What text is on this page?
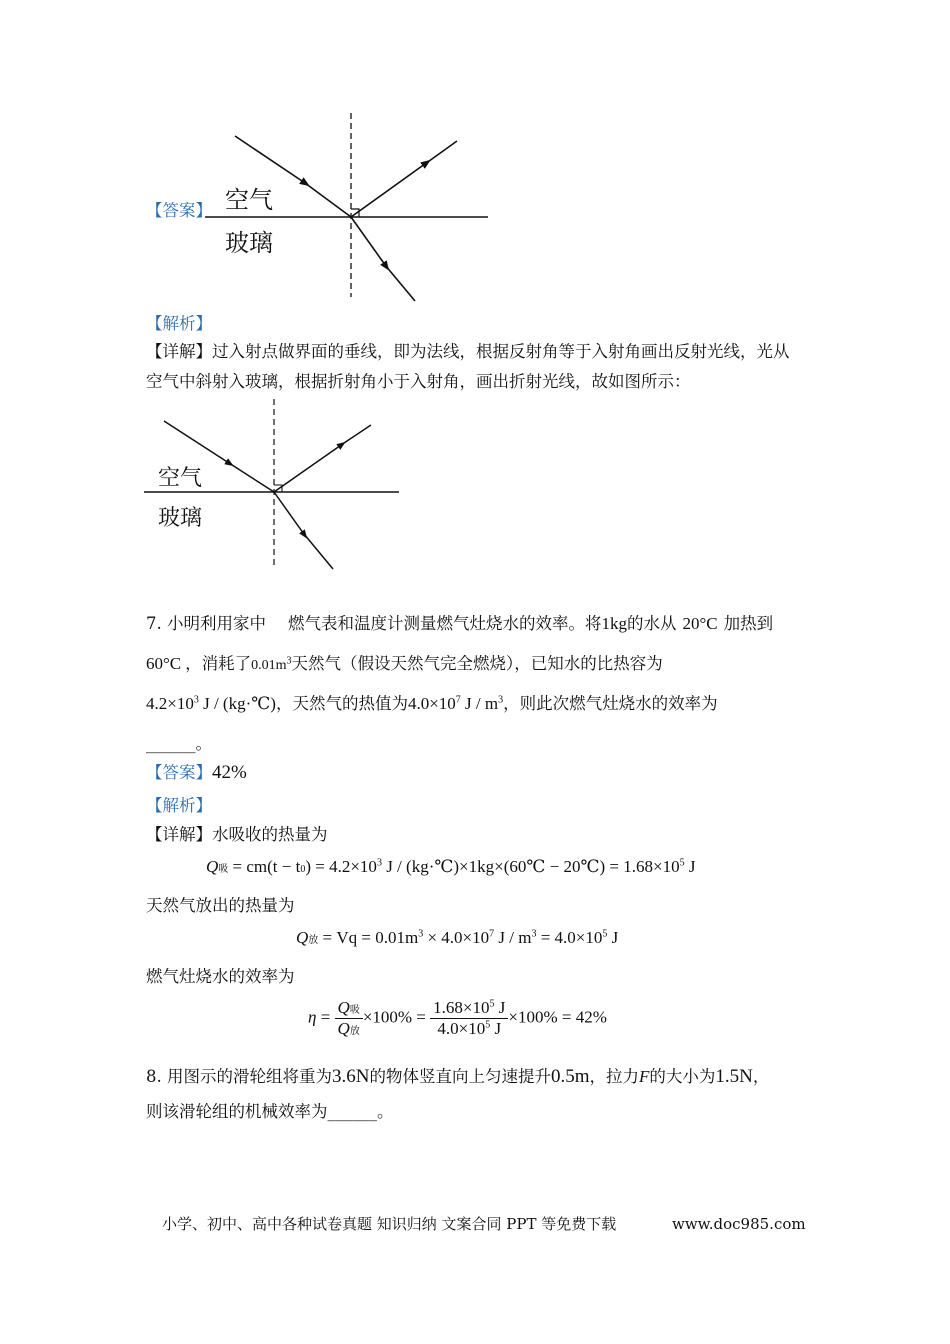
【答案】 空气
玻璃
【解析】
【详解】过入射点做界面的垂线，即为法线，根据反射角等于入射角画出反射光线，光从
空气中斜射入玻璃，根据折射角小于入射角，画出折射光线，故如图所示：
空气
玻璃
7. 小明利用家中 燃气表和温度计测量燃气灶烧水的效率。将1kg的水从 20°C 加热到
60°C ，消耗了$0.01m^3$天然气（假设天然气完全燃烧），已知水的比热容为
$4.2\times 10^3$ J / (kg·℃)，天然气的热值为$4.0\times 10^7$ J / $m^3$，则此次燃气灶烧水的效率为
______。
【答案】42%
【解析】
【详解】水吸收的热量为
Q吸 = $cm(t - t0) = 4.2\times 10^3$ J / (kg·℃)×1kg×(60℃ − 20℃) = $1.68\times 10^5$ J
天然气放出的热量为
Q放 = $Vq = 0.01m^3 \times 4.0\times 10^7$ $J / m^3 = 4.0\times 10^5$ J
燃气灶烧水的效率为
$\eta = \frac{\text{Q吸}}{\text{Q放}} \times 100\% = \frac{1.68\times 10^5 J}{4.0\times 10^5 J} \times 100\% = 42\%$
8. 用图示的滑轮组将重为3.6N的物体竖直向上匀速提升0.5m，拉力F的大小为1.5N，
则该滑轮组的机械效率为______。
小学、初中、高中各种试卷真题 知识归纳 文案合同 PPT 等免费下载	www.doc985.com
